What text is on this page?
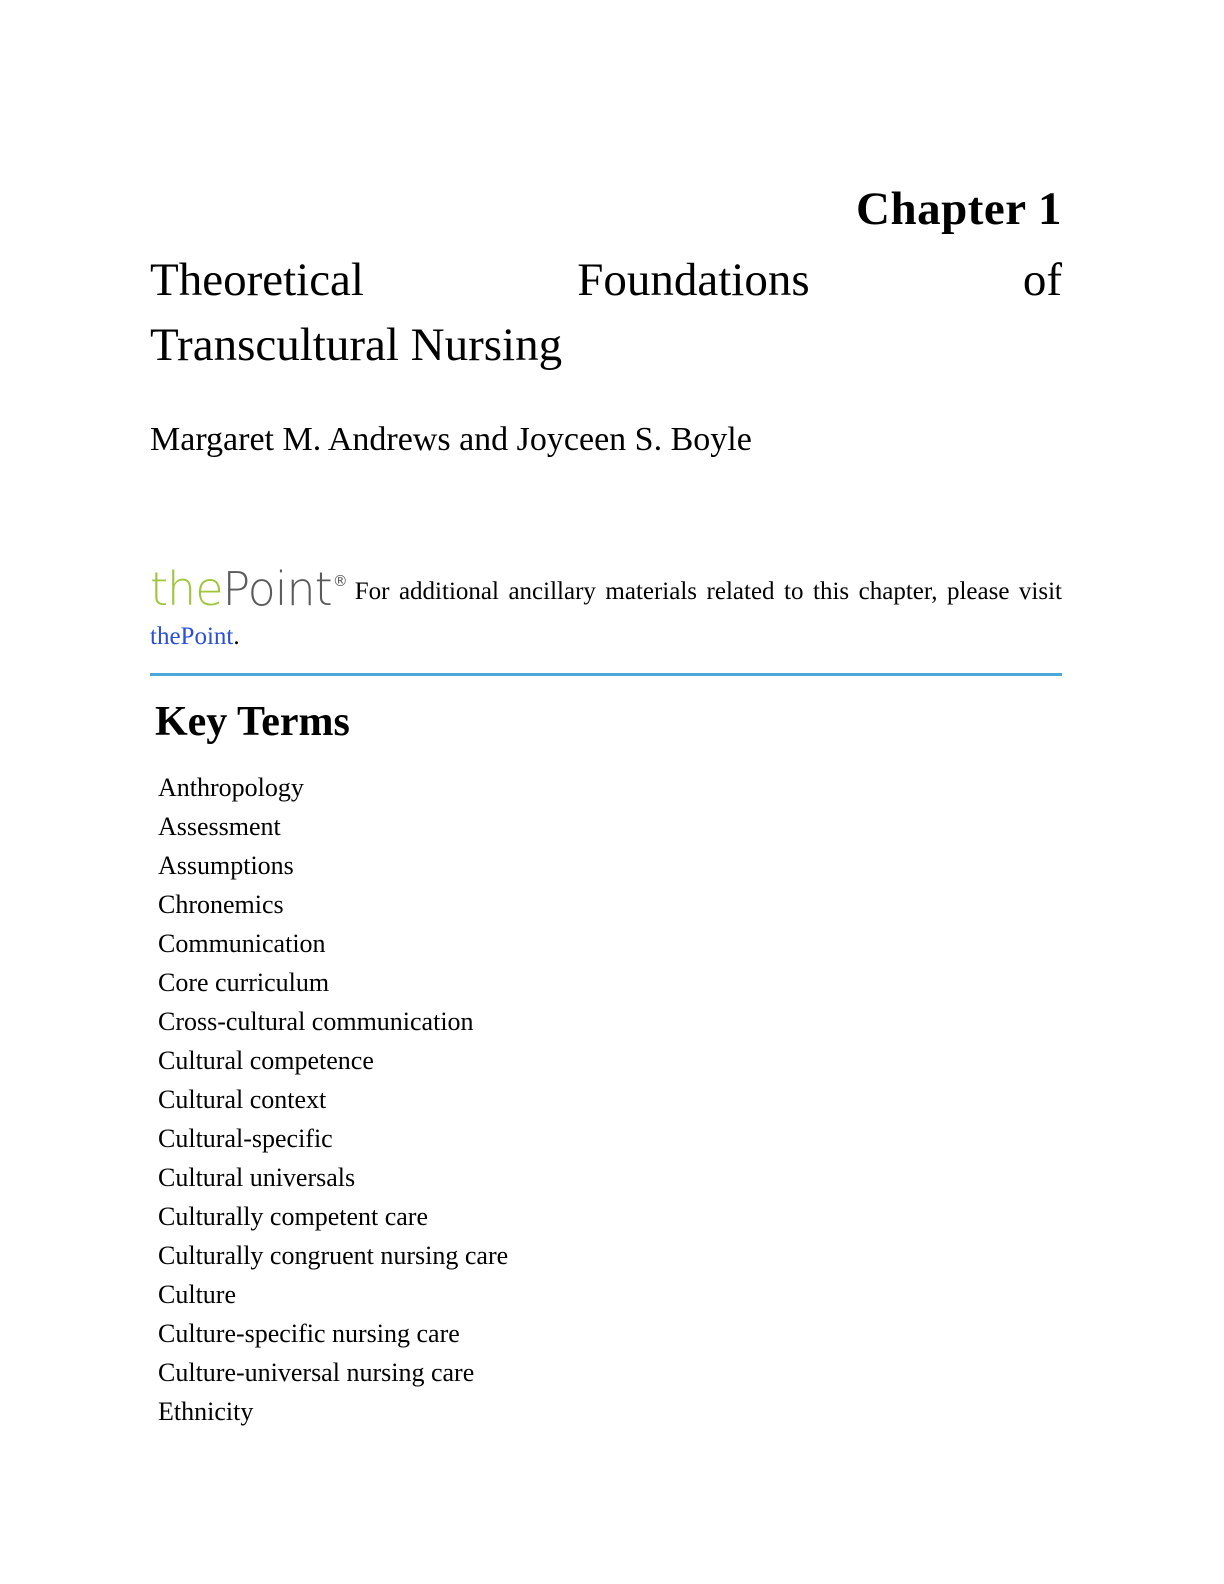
Chapter 1
Theoretical	Foundations	of
Transcultural Nursing
Margaret M. Andrews and Joyceen S. Boyle
thePoint® For additional ancillary materials related to this chapter, please visit thePoint.
Key Terms
Anthropology
Assessment
Assumptions
Chronemics
Communication
Core curriculum
Cross-cultural communication
Cultural competence
Cultural context
Cultural-specific
Cultural universals
Culturally competent care
Culturally congruent nursing care
Culture
Culture-specific nursing care
Culture-universal nursing care
Ethnicity
